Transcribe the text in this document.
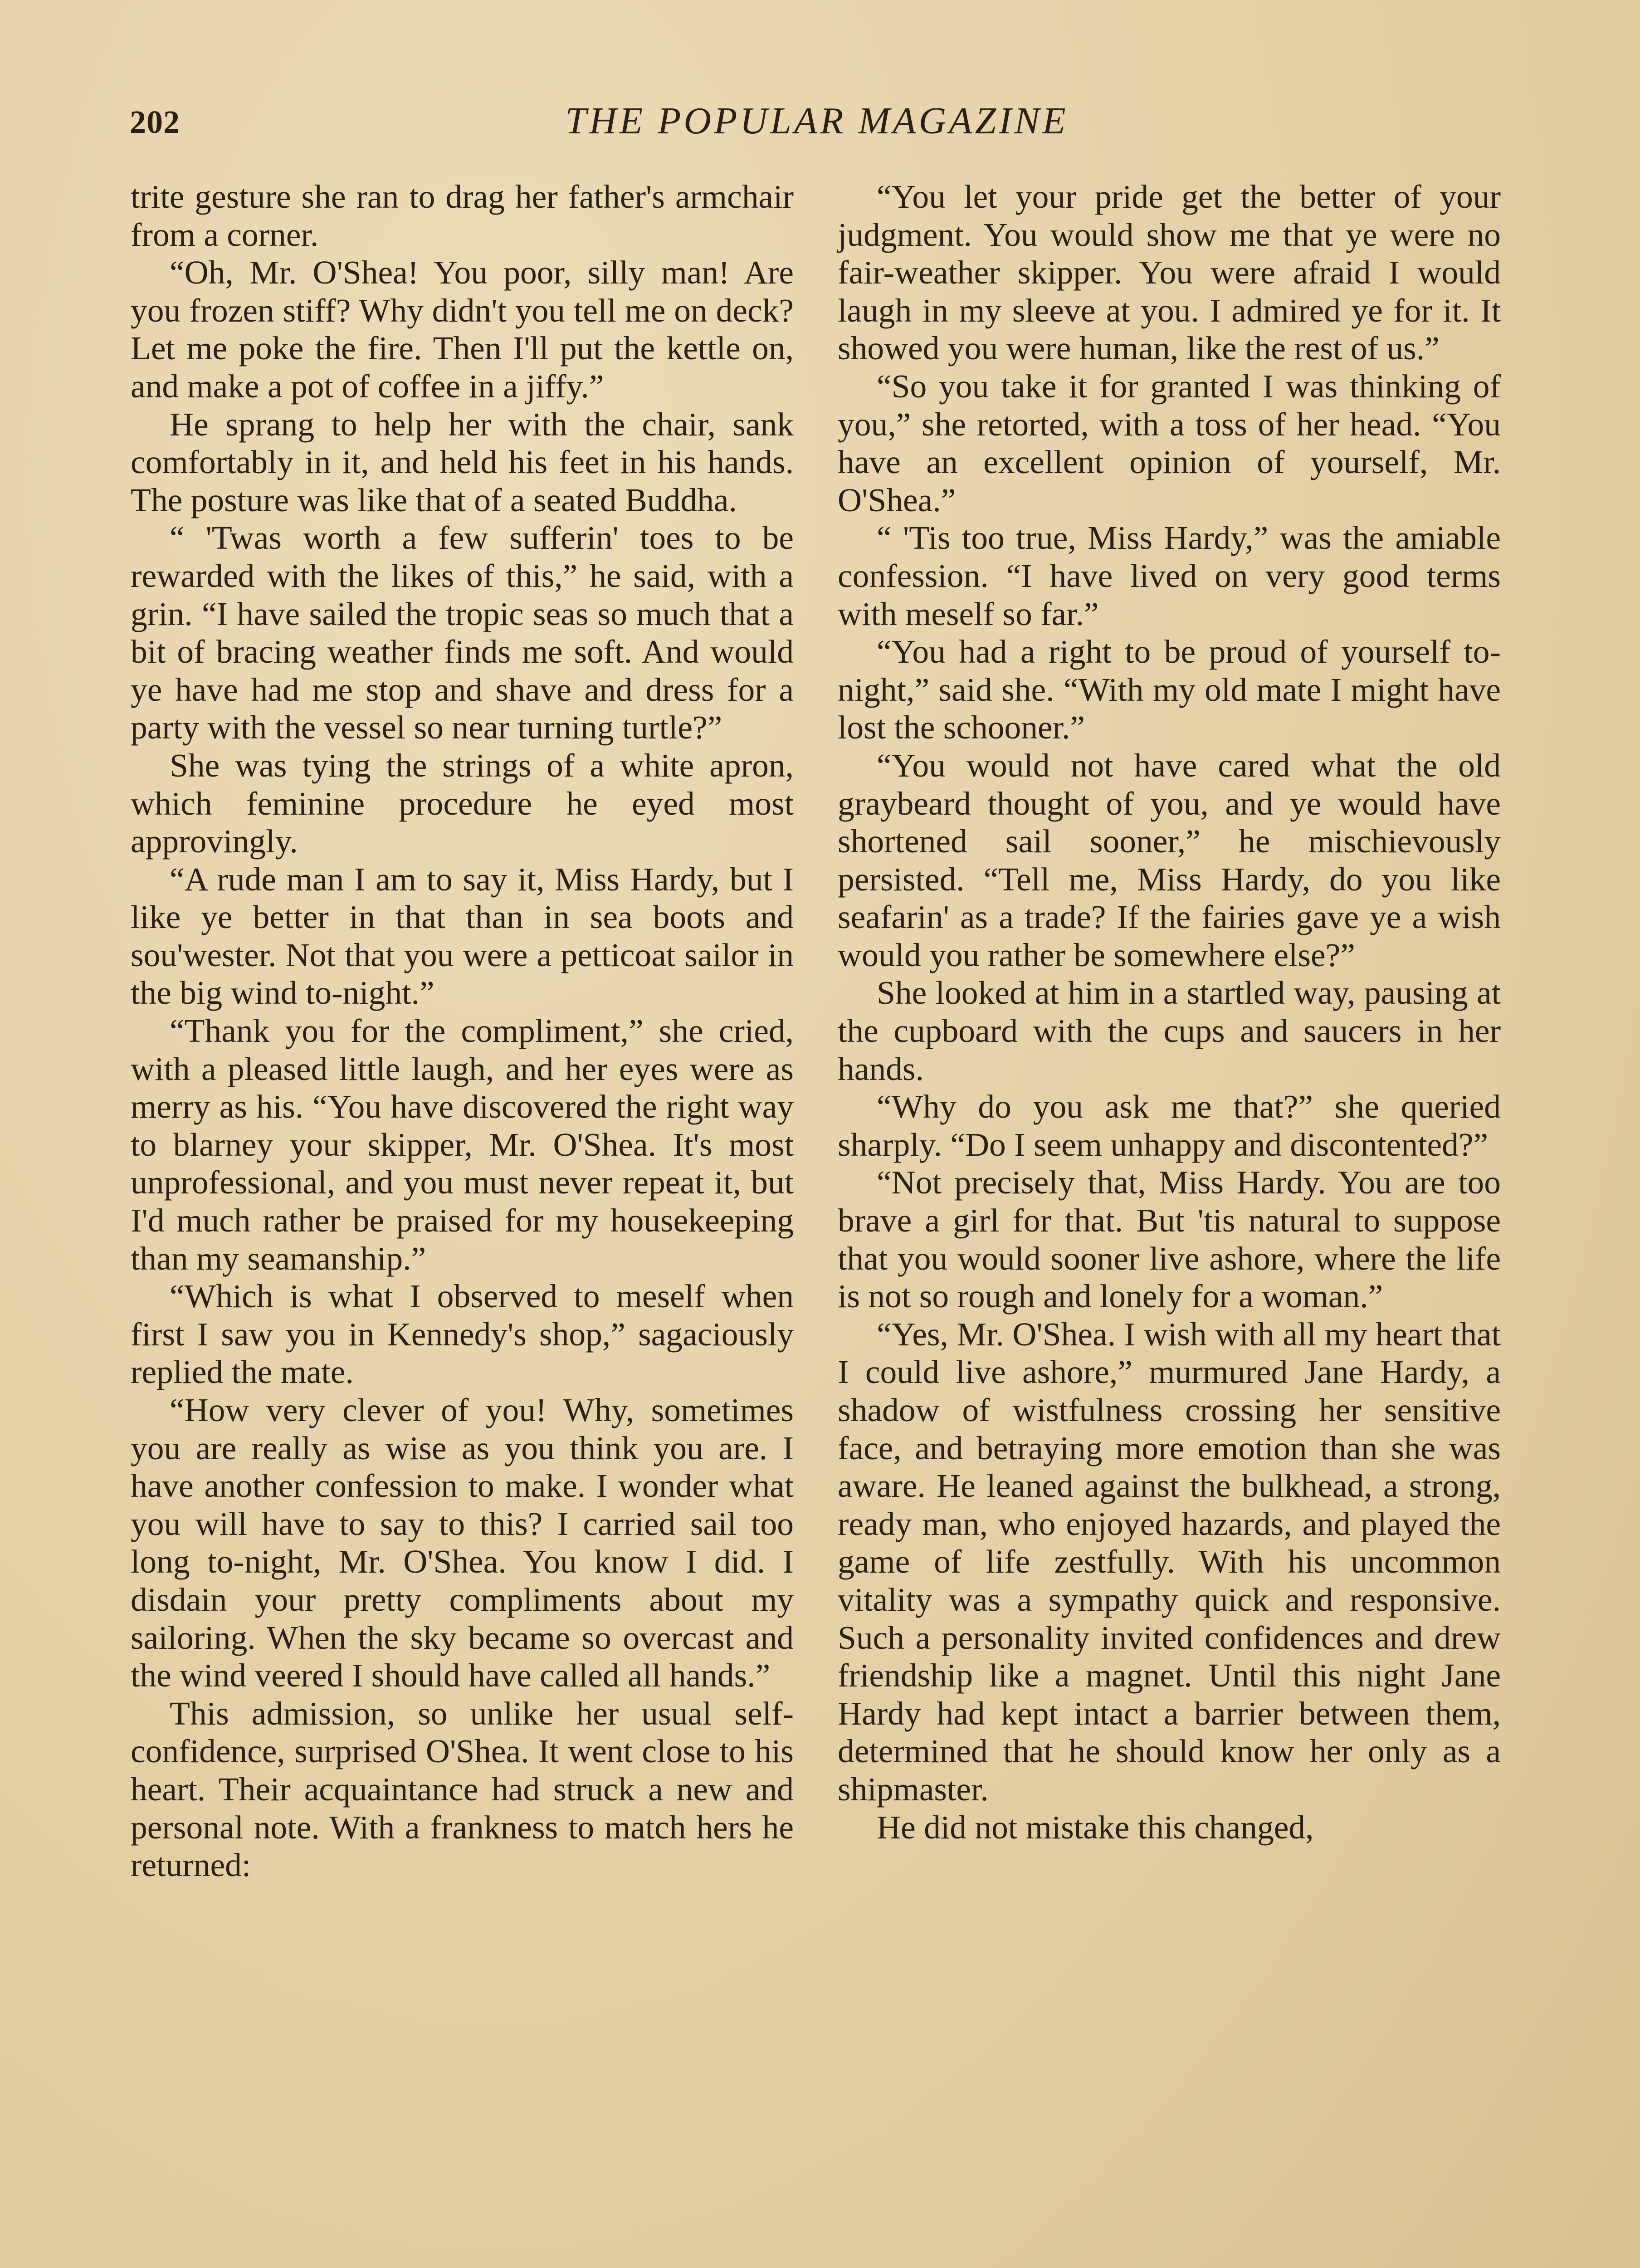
202	THE POPULAR MAGAZINE

trite gesture she ran to drag her father's armchair from a corner.

“Oh, Mr. O'Shea! You poor, silly man! Are you frozen stiff? Why didn't you tell me on deck? Let me poke the fire. Then I'll put the kettle on, and make a pot of coffee in a jiffy.”

He sprang to help her with the chair, sank comfortably in it, and held his feet in his hands. The posture was like that of a seated Buddha.

“ 'Twas worth a few sufferin' toes to be rewarded with the likes of this,” he said, with a grin. “I have sailed the tropic seas so much that a bit of bracing weather finds me soft. And would ye have had me stop and shave and dress for a party with the vessel so near turning turtle?”

She was tying the strings of a white apron, which feminine procedure he eyed most approvingly.

“A rude man I am to say it, Miss Hardy, but I like ye better in that than in sea boots and sou'wester. Not that you were a petticoat sailor in the big wind to-night.”

“Thank you for the compliment,” she cried, with a pleased little laugh, and her eyes were as merry as his. “You have discovered the right way to blarney your skipper, Mr. O'Shea. It's most unprofessional, and you must never repeat it, but I'd much rather be praised for my housekeeping than my seamanship.”

“Which is what I observed to meself when first I saw you in Kennedy's shop,” sagaciously replied the mate.

“How very clever of you! Why, sometimes you are really as wise as you think you are. I have another confession to make. I wonder what you will have to say to this? I carried sail too long to-night, Mr. O'Shea. You know I did. I disdain your pretty compliments about my sailoring. When the sky became so overcast and the wind veered I should have called all hands.”

This admission, so unlike her usual self-confidence, surprised O'Shea. It went close to his heart. Their acquaintance had struck a new and personal note. With a frankness to match hers he returned:

“You let your pride get the better of your judgment. You would show me that ye were no fair-weather skipper. You were afraid I would laugh in my sleeve at you. I admired ye for it. It showed you were human, like the rest of us.”

“So you take it for granted I was thinking of you,” she retorted, with a toss of her head. “You have an excellent opinion of yourself, Mr. O'Shea.”

“ 'Tis too true, Miss Hardy,” was the amiable confession. “I have lived on very good terms with meself so far.”

“You had a right to be proud of yourself to-night,” said she. “With my old mate I might have lost the schooner.”

“You would not have cared what the old graybeard thought of you, and ye would have shortened sail sooner,” he mischievously persisted. “Tell me, Miss Hardy, do you like seafarin' as a trade? If the fairies gave ye a wish would you rather be somewhere else?”

She looked at him in a startled way, pausing at the cupboard with the cups and saucers in her hands.

“Why do you ask me that?” she queried sharply. “Do I seem unhappy and discontented?”

“Not precisely that, Miss Hardy. You are too brave a girl for that. But 'tis natural to suppose that you would sooner live ashore, where the life is not so rough and lonely for a woman.”

“Yes, Mr. O'Shea. I wish with all my heart that I could live ashore,” murmured Jane Hardy, a shadow of wistfulness crossing her sensitive face, and betraying more emotion than she was aware. He leaned against the bulkhead, a strong, ready man, who enjoyed hazards, and played the game of life zestfully. With his uncommon vitality was a sympathy quick and responsive. Such a personality invited confidences and drew friendship like a magnet. Until this night Jane Hardy had kept intact a barrier between them, determined that he should know her only as a shipmaster.

He did not mistake this changed,
